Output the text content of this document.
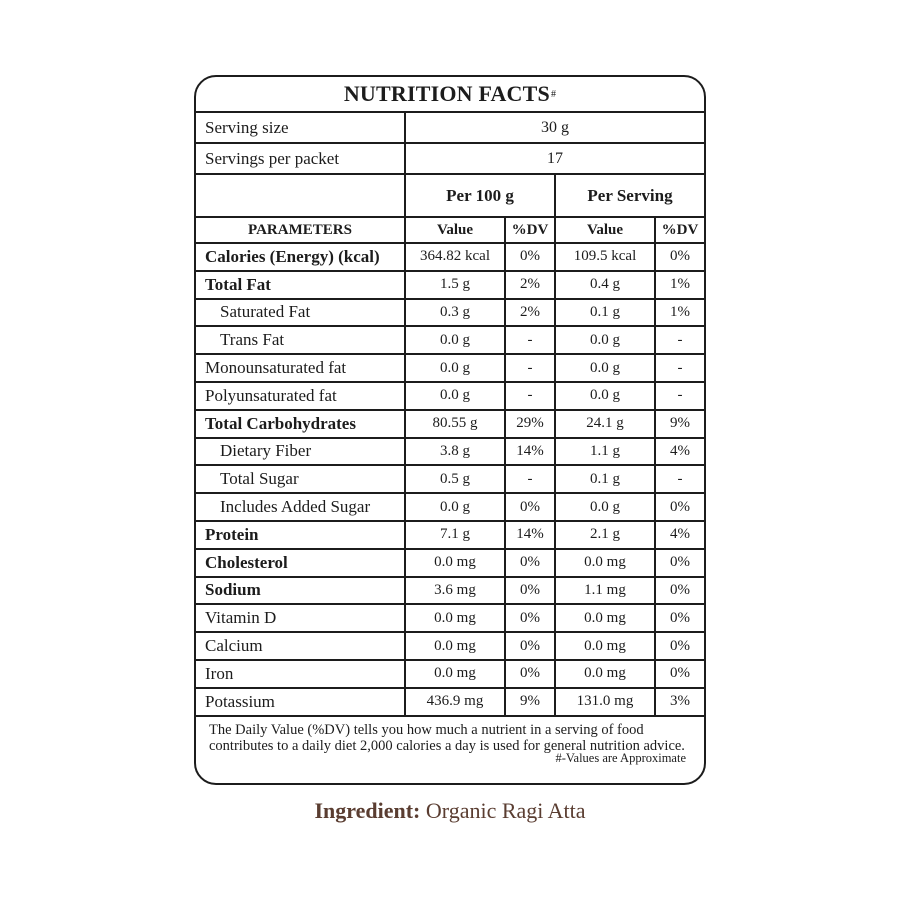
NUTRITION FACTS #
Serving size	30 g
Servings per packet	17
Per 100 g	Per Serving
PARAMETERS	Value	%DV	Value	%DV
Calories (Energy) (kcal)	364.82 kcal	0%	109.5 kcal	0%
Total Fat	1.5 g	2%	0.4 g	1%
Saturated Fat	0.3 g	2%	0.1 g	1%
Trans Fat	0.0 g	-	0.0 g	-
Monounsaturated fat	0.0 g	-	0.0 g	-
Polyunsaturated fat	0.0 g	-	0.0 g	-
Total Carbohydrates	80.55 g	29%	24.1 g	9%
Dietary Fiber	3.8 g	14%	1.1 g	4%
Total Sugar	0.5 g	-	0.1 g	-
Includes Added Sugar	0.0 g	0%	0.0 g	0%
Protein	7.1 g	14%	2.1 g	4%
Cholesterol	0.0 mg	0%	0.0 mg	0%
Sodium	3.6 mg	0%	1.1 mg	0%
Vitamin D	0.0 mg	0%	0.0 mg	0%
Calcium	0.0 mg	0%	0.0 mg	0%
Iron	0.0 mg	0%	0.0 mg	0%
Potassium	436.9 mg	9%	131.0 mg	3%
The Daily Value (%DV) tells you how much a nutrient in a serving of food contributes to a daily diet 2,000 calories a day is used for general nutrition advice.
#-Values are Approximate
Ingredient: Organic Ragi Atta
